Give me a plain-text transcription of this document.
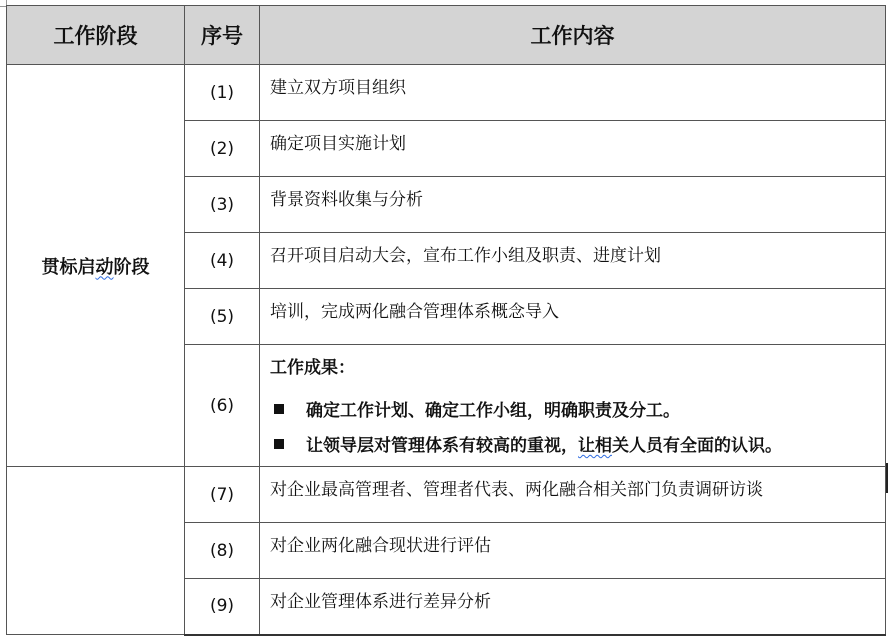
工作阶段	序号	工作内容
贯标启动阶段	(1)	建立双方项目组织
	(2)	确定项目实施计划
	(3)	背景资料收集与分析
	(4)	召开项目启动大会，宣布工作小组及职责、进度计划
	(5)	培训，完成两化融合管理体系概念导入
	(6)	工作成果：
确定工作计划、确定工作小组，明确职责及分工。
让领导层对管理体系有较高的重视，让相关人员有全面的认识。

	(7)	对企业最高管理者、管理者代表、两化融合相关部门负责调研访谈
	(8)	对企业两化融合现状进行评估
	(9)	对企业管理体系进行差异分析
